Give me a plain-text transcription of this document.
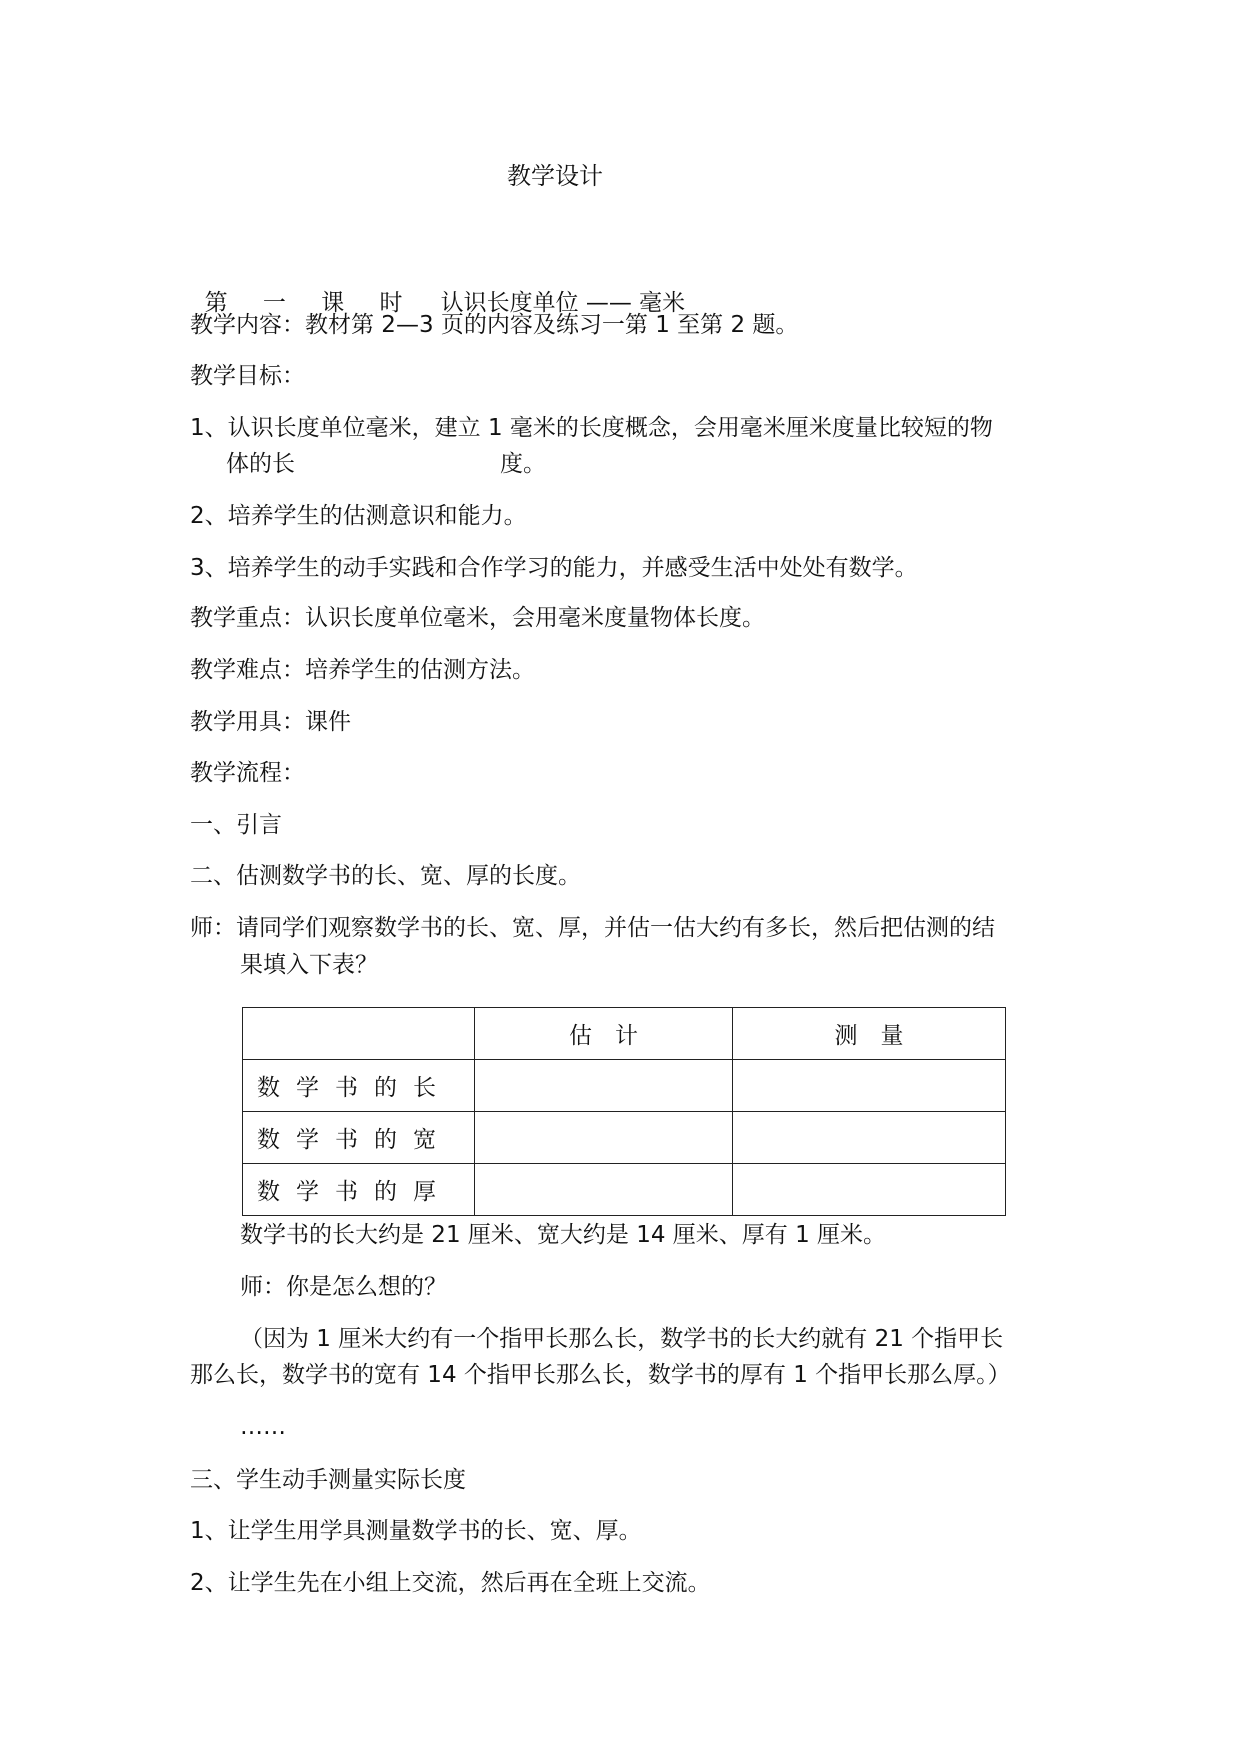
教学设计

第 一 课 时 认识长度单位 —— 毫米

教学内容：教材第 2—3 页的内容及练习一第 1 至第 2 题。
教学目标：
1、认识长度单位毫米，建立 1 毫米的长度概念，会用毫米厘米度量比较短的物
体的长	度。
2、培养学生的估测意识和能力。
3、培养学生的动手实践和合作学习的能力，并感受生活中处处有数学。
教学重点：认识长度单位毫米，会用毫米度量物体长度。
教学难点：培养学生的估测方法。
教学用具：课件
教学流程：
一、引言
二、估测数学书的长、宽、厚的长度。
师：请同学们观察数学书的长、宽、厚，并估一估大约有多长，然后把估测的结
果填入下表？
	估　计	测　量
数学书的长		
数学书的宽		
数学书的厚		
数学书的长大约是 21 厘米、宽大约是 14 厘米、厚有 1 厘米。
师：你是怎么想的？
（因为 1 厘米大约有一个指甲长那么长，数学书的长大约就有 21 个指甲长
那么长，数学书的宽有 14 个指甲长那么长，数学书的厚有 1 个指甲长那么厚。）
……
三、学生动手测量实际长度
1、让学生用学具测量数学书的长、宽、厚。
2、让学生先在小组上交流，然后再在全班上交流。
